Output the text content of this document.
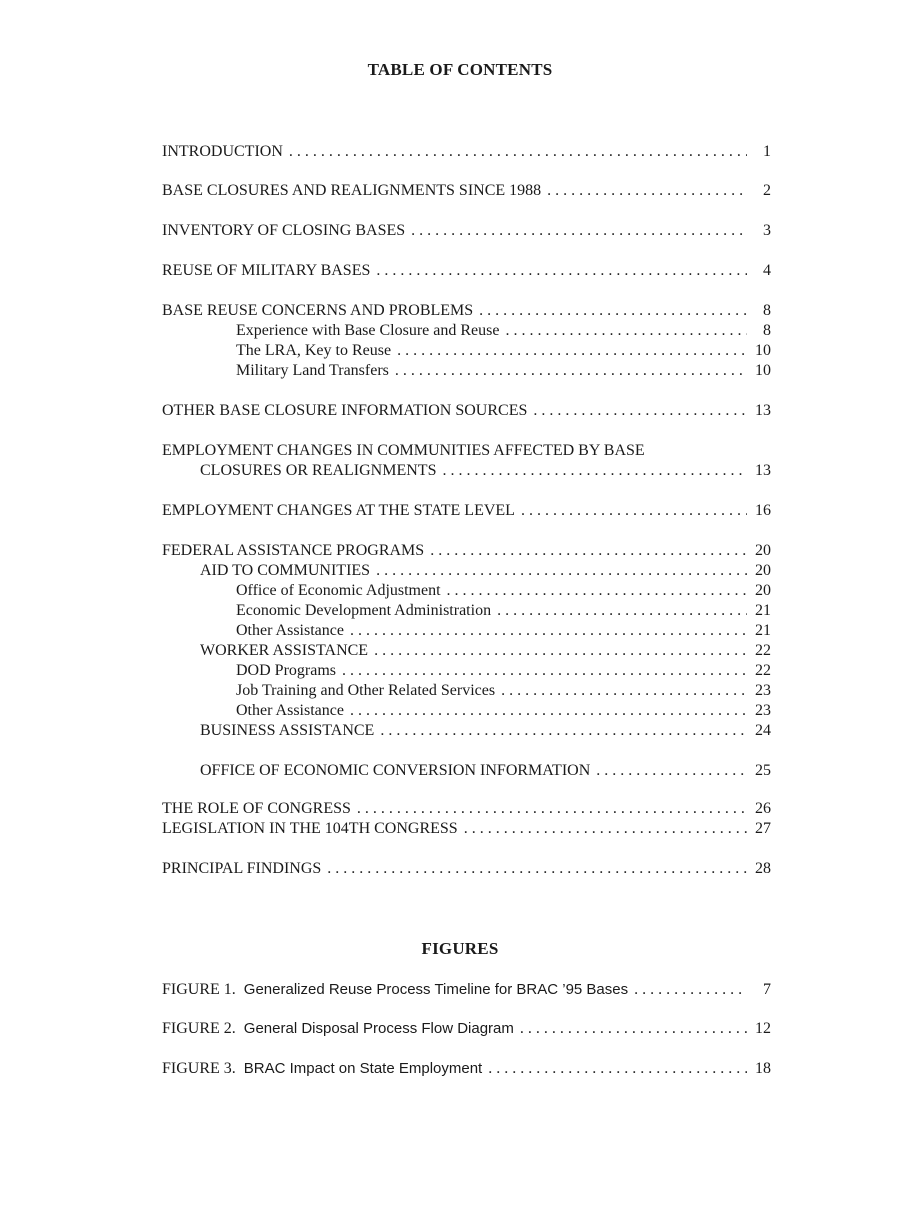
TABLE OF CONTENTS
INTRODUCTION . . .	1
BASE CLOSURES AND REALIGNMENTS SINCE 1988 . . .	2
INVENTORY OF CLOSING BASES . . .	3
REUSE OF MILITARY BASES . . .	4
BASE REUSE CONCERNS AND PROBLEMS . . .	8
Experience with Base Closure and Reuse . . .	8
The LRA, Key to Reuse . . .	10
Military Land Transfers . . .	10
OTHER BASE CLOSURE INFORMATION SOURCES . . .	13
EMPLOYMENT CHANGES IN COMMUNITIES AFFECTED BY BASE
CLOSURES OR REALIGNMENTS . . .	13
EMPLOYMENT CHANGES AT THE STATE LEVEL . . .	16
FEDERAL ASSISTANCE PROGRAMS . . .	20
AID TO COMMUNITIES . . .	20
Office of Economic Adjustment . . .	20
Economic Development Administration . . .	21
Other Assistance . . .	21
WORKER ASSISTANCE . . .	22
DOD Programs . . .	22
Job Training and Other Related Services . . .	23
Other Assistance . . .	23
BUSINESS ASSISTANCE . . .	24
OFFICE OF ECONOMIC CONVERSION INFORMATION . . .	25
THE ROLE OF CONGRESS . . .	26
LEGISLATION IN THE 104TH CONGRESS . . .	27
PRINCIPAL FINDINGS . . .	28
FIGURES
FIGURE 1. Generalized Reuse Process Timeline for BRAC ’95 Bases . . .	7
FIGURE 2. General Disposal Process Flow Diagram . . .	12
FIGURE 3. BRAC Impact on State Employment . . .	18
